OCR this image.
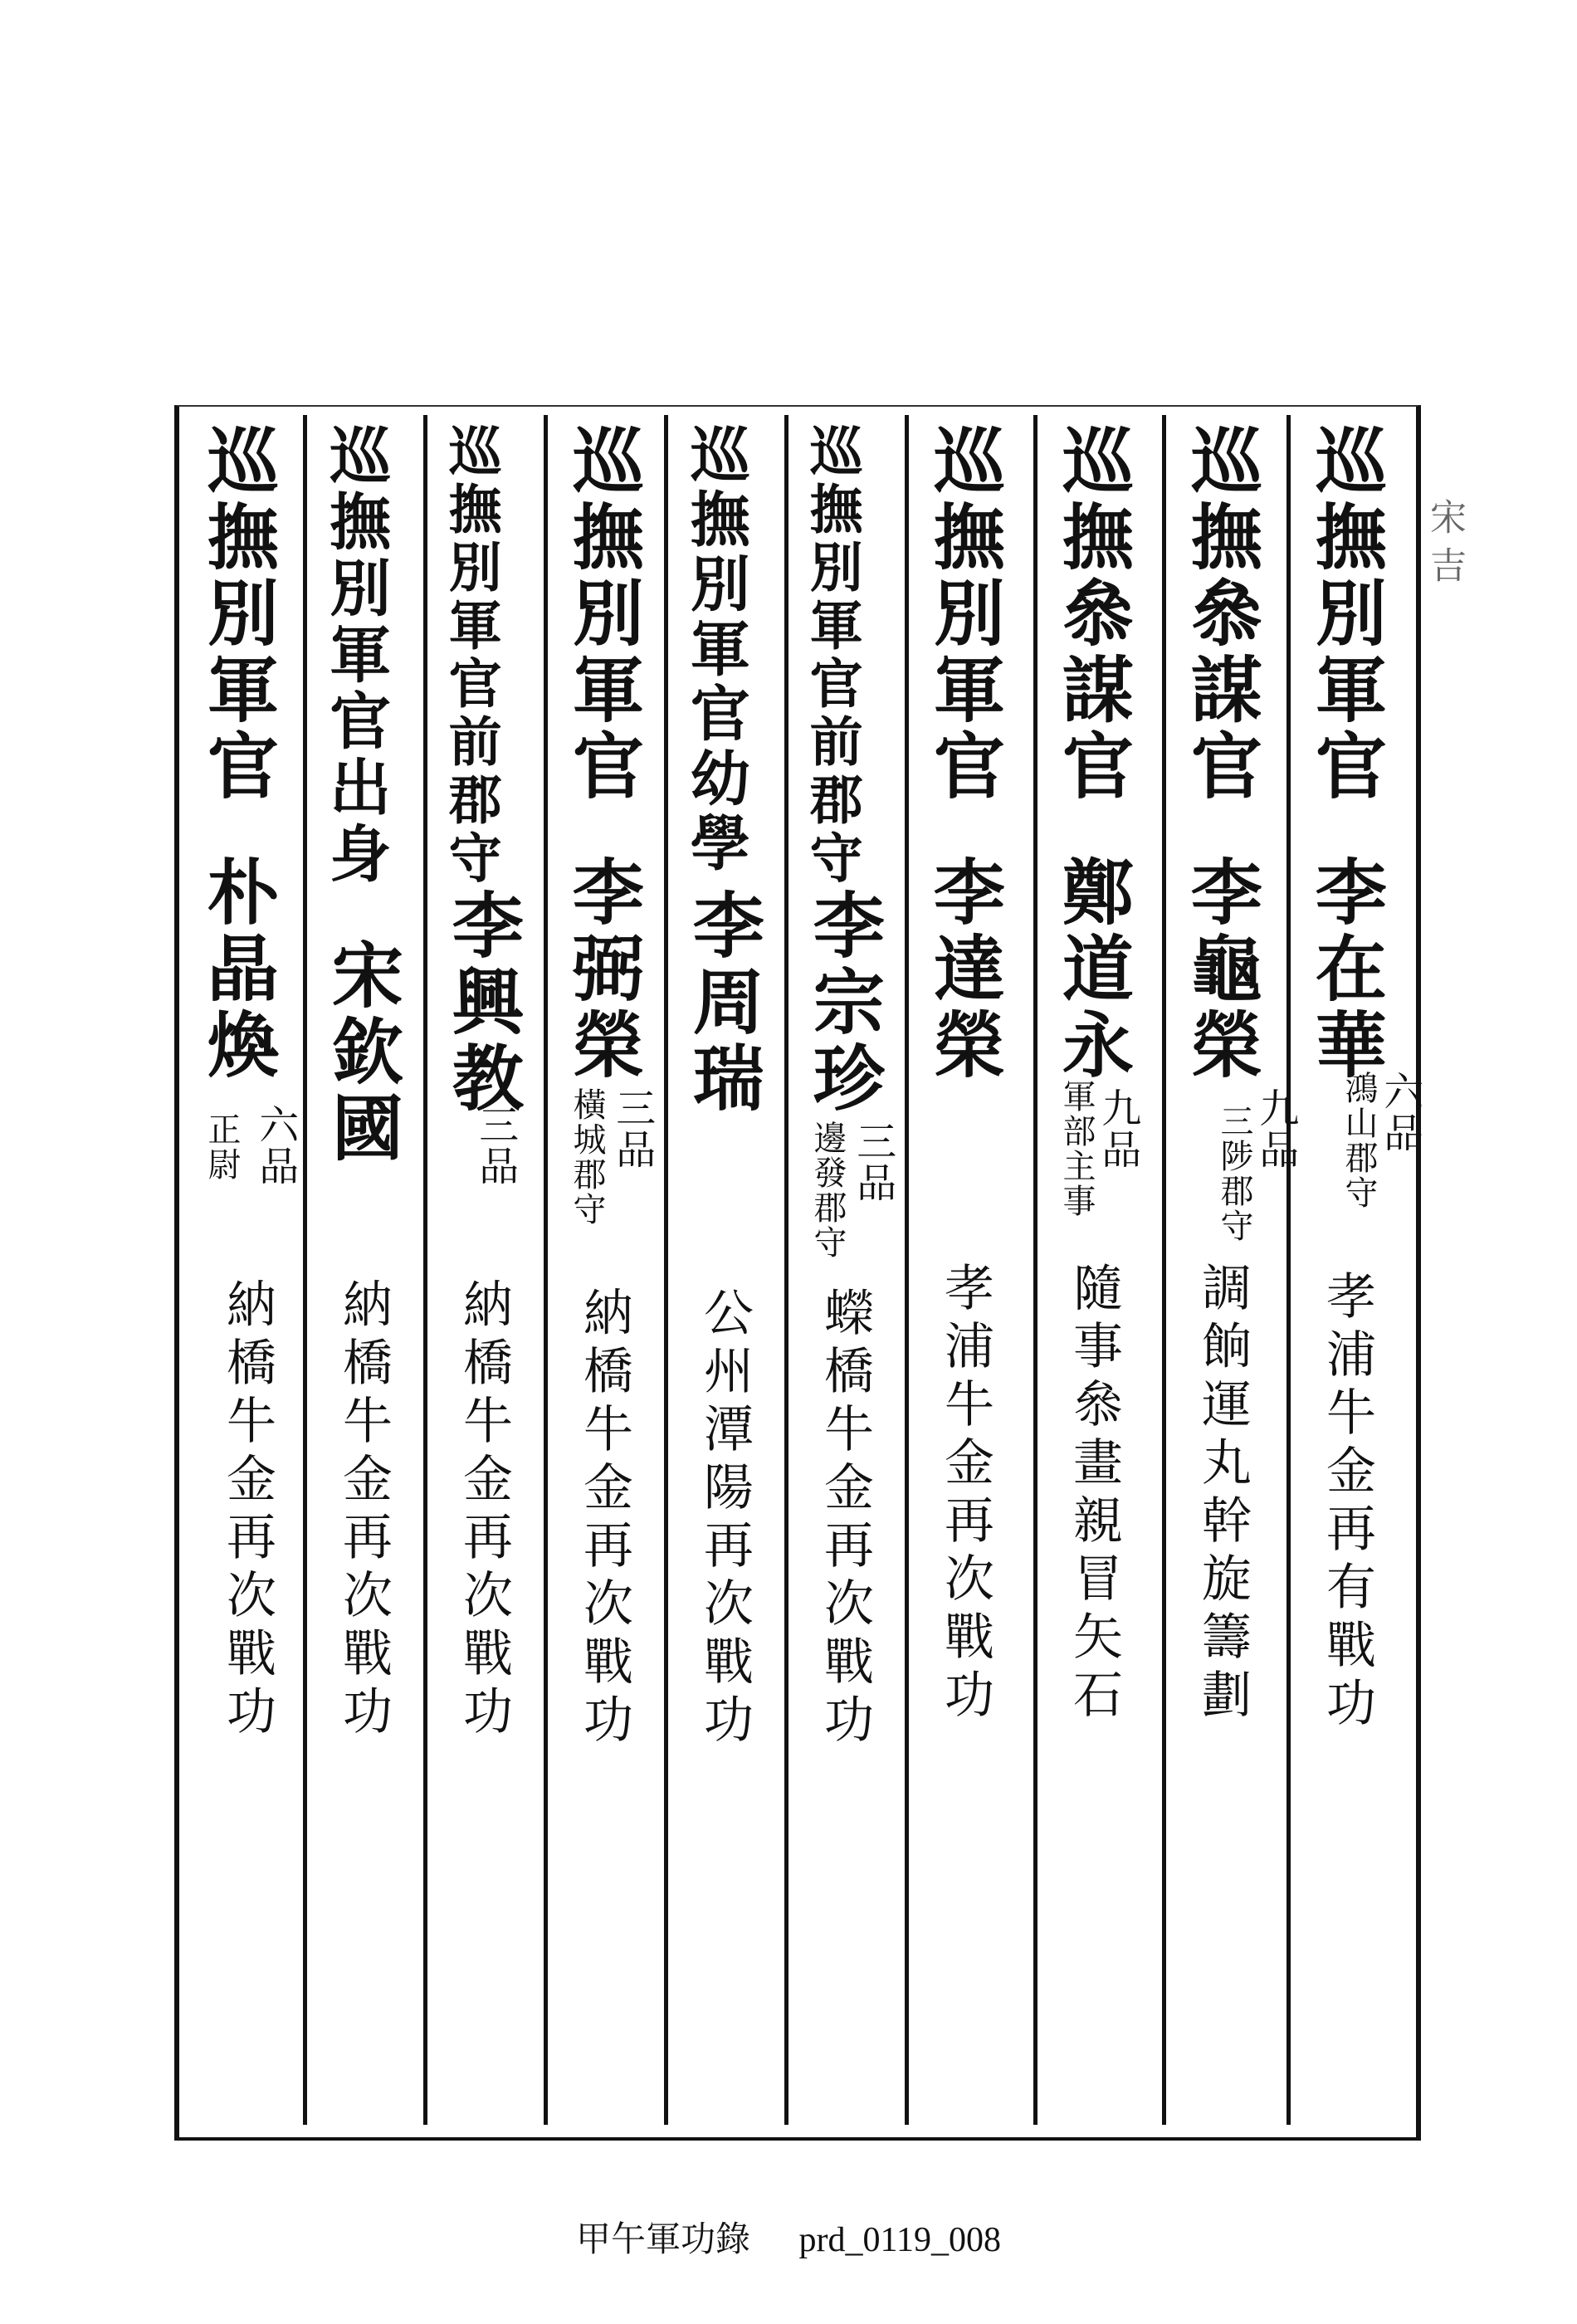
宋 吉
巡撫別軍官
李在華
六品
鴻山郡守
孝浦牛金再有戰功
巡撫叅謀官
李龜榮
九品
三陟郡守
調餉運丸幹旋籌劃
巡撫叅謀官
鄭道永
九品
軍部主事
隨事叅畫親冒矢石
巡撫別軍官
李達榮
孝浦牛金再次戰功
巡撫別軍官前郡守
李宗珍
三品
邊發郡守
蠑橋牛金再次戰功
巡撫別軍官幼學
李周瑞
公州潭陽再次戰功
巡撫別軍官
李弼榮
三品
橫城郡守
納橋牛金再次戰功
巡撫別軍官前郡守
李興教
三品
納橋牛金再次戰功
巡撫別軍官出身
宋欽國
納橋牛金再次戰功
巡撫別軍官
朴晶煥
六品
正尉
納橋牛金再次戰功
甲午軍功錄 prd_0119_008
